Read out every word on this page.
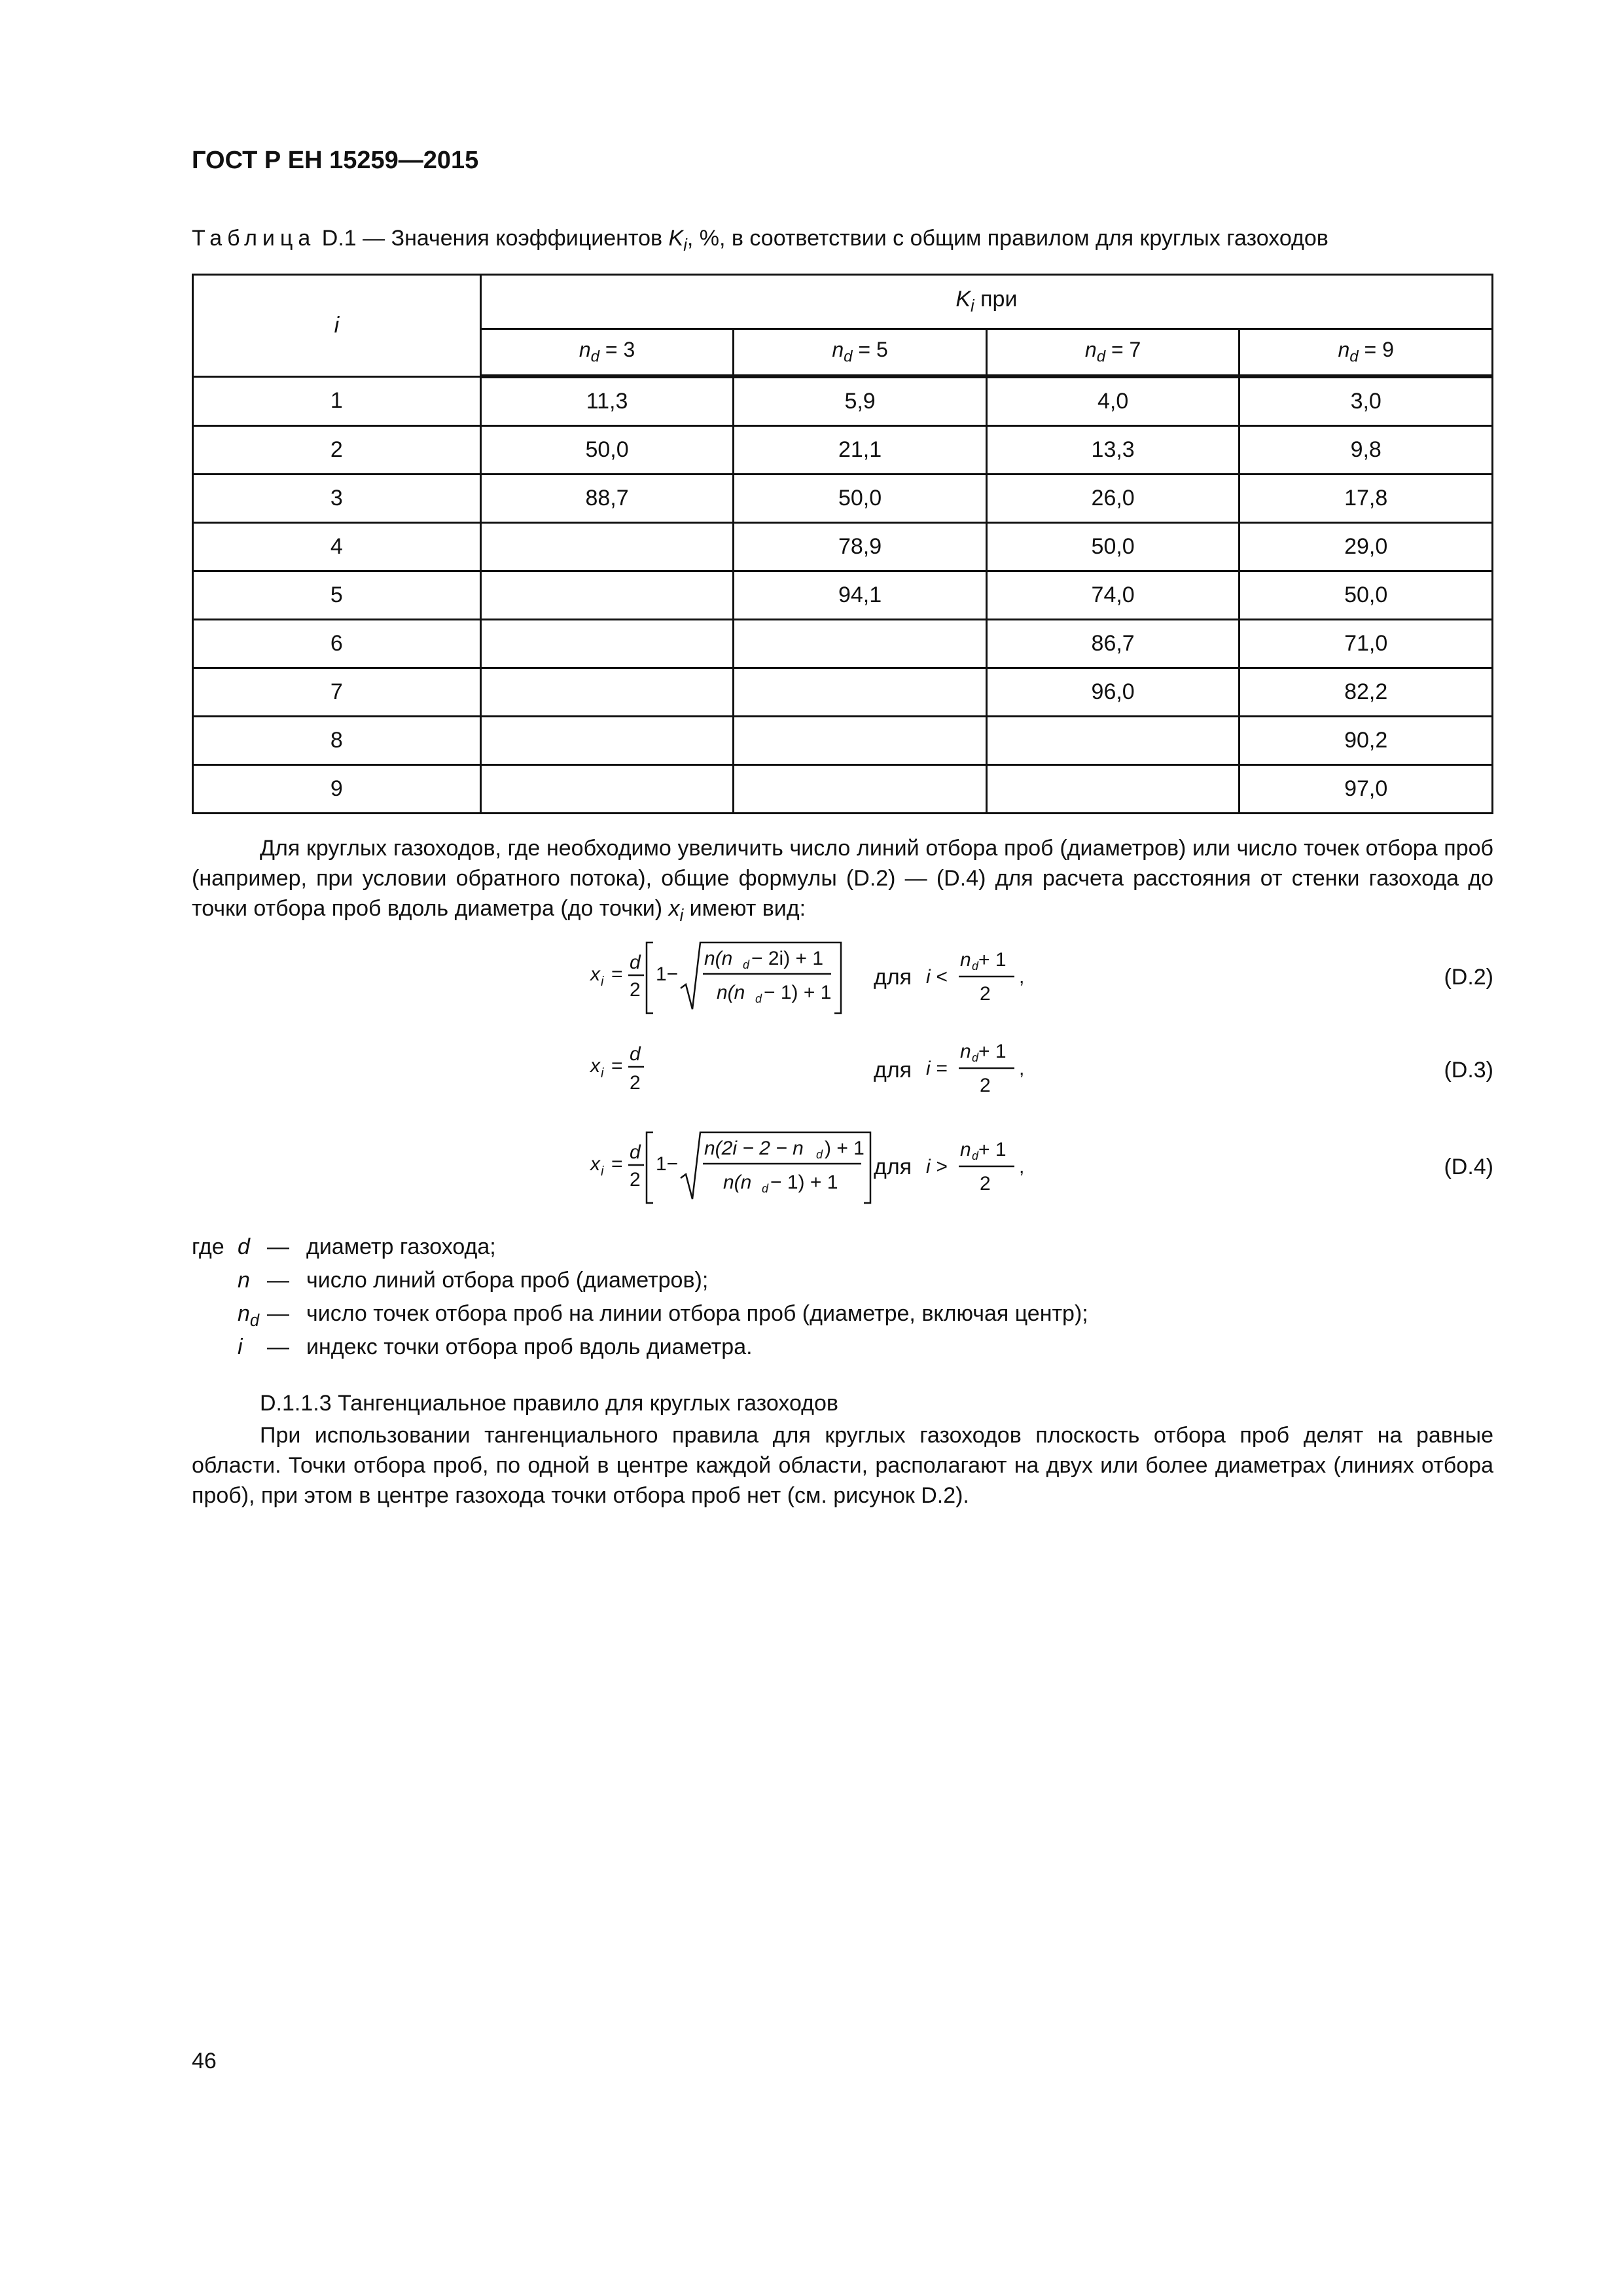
ГОСТ Р ЕН 15259—2015
Таблица D.1 — Значения коэффициентов $K_i$, %, в соответствии с общим правилом для круглых газоходов
i	$K_i$ при			
	$n_d = 3$	$n_d = 5$	$n_d = 7$	$n_d = 9$
1	11,3	5,9	4,0	3,0
2	50,0	21,1	13,3	9,8
3	88,7	50,0	26,0	17,8
4		78,9	50,0	29,0
5		94,1	74,0	50,0
6			86,7	71,0
7			96,0	82,2
8				90,2
9				97,0

Для круглых газоходов, где необходимо увеличить число линий отбора проб (диаметров) или число точек отбора проб (например, при условии обратного потока), общие формулы (D.2) — (D.4) для расчета расстояния от стенки газохода до точки отбора проб вдоль диаметра (до точки) $x_i$ имеют вид:

x i =
d
2
1−
n(n d − 2i) + 1
n(n d − 1) + 1
для i <
n d + 1
2
,	(D.2)
x i =
d
2
для i =
n d + 1
2
,	(D.3)
x i =
d
2
1−
n(2i − 2 − n d ) + 1
n(n d − 1) + 1
для i >
n d + 1
2
,	(D.4)
где d — диаметр газохода;
n — число линий отбора проб (диаметров);
$n_d$ — число точек отбора проб на линии отбора проб (диаметре, включая центр);
i — индекс точки отбора проб вдоль диаметра.
D.1.1.3 Тангенциальное правило для круглых газоходов

При использовании тангенциального правила для круглых газоходов плоскость отбора проб делят на равные области. Точки отбора проб, по одной в центре каждой области, располагают на двух или более диаметрах (линиях отбора проб), при этом в центре газохода точки отбора проб нет (см. рисунок D.2).

46
